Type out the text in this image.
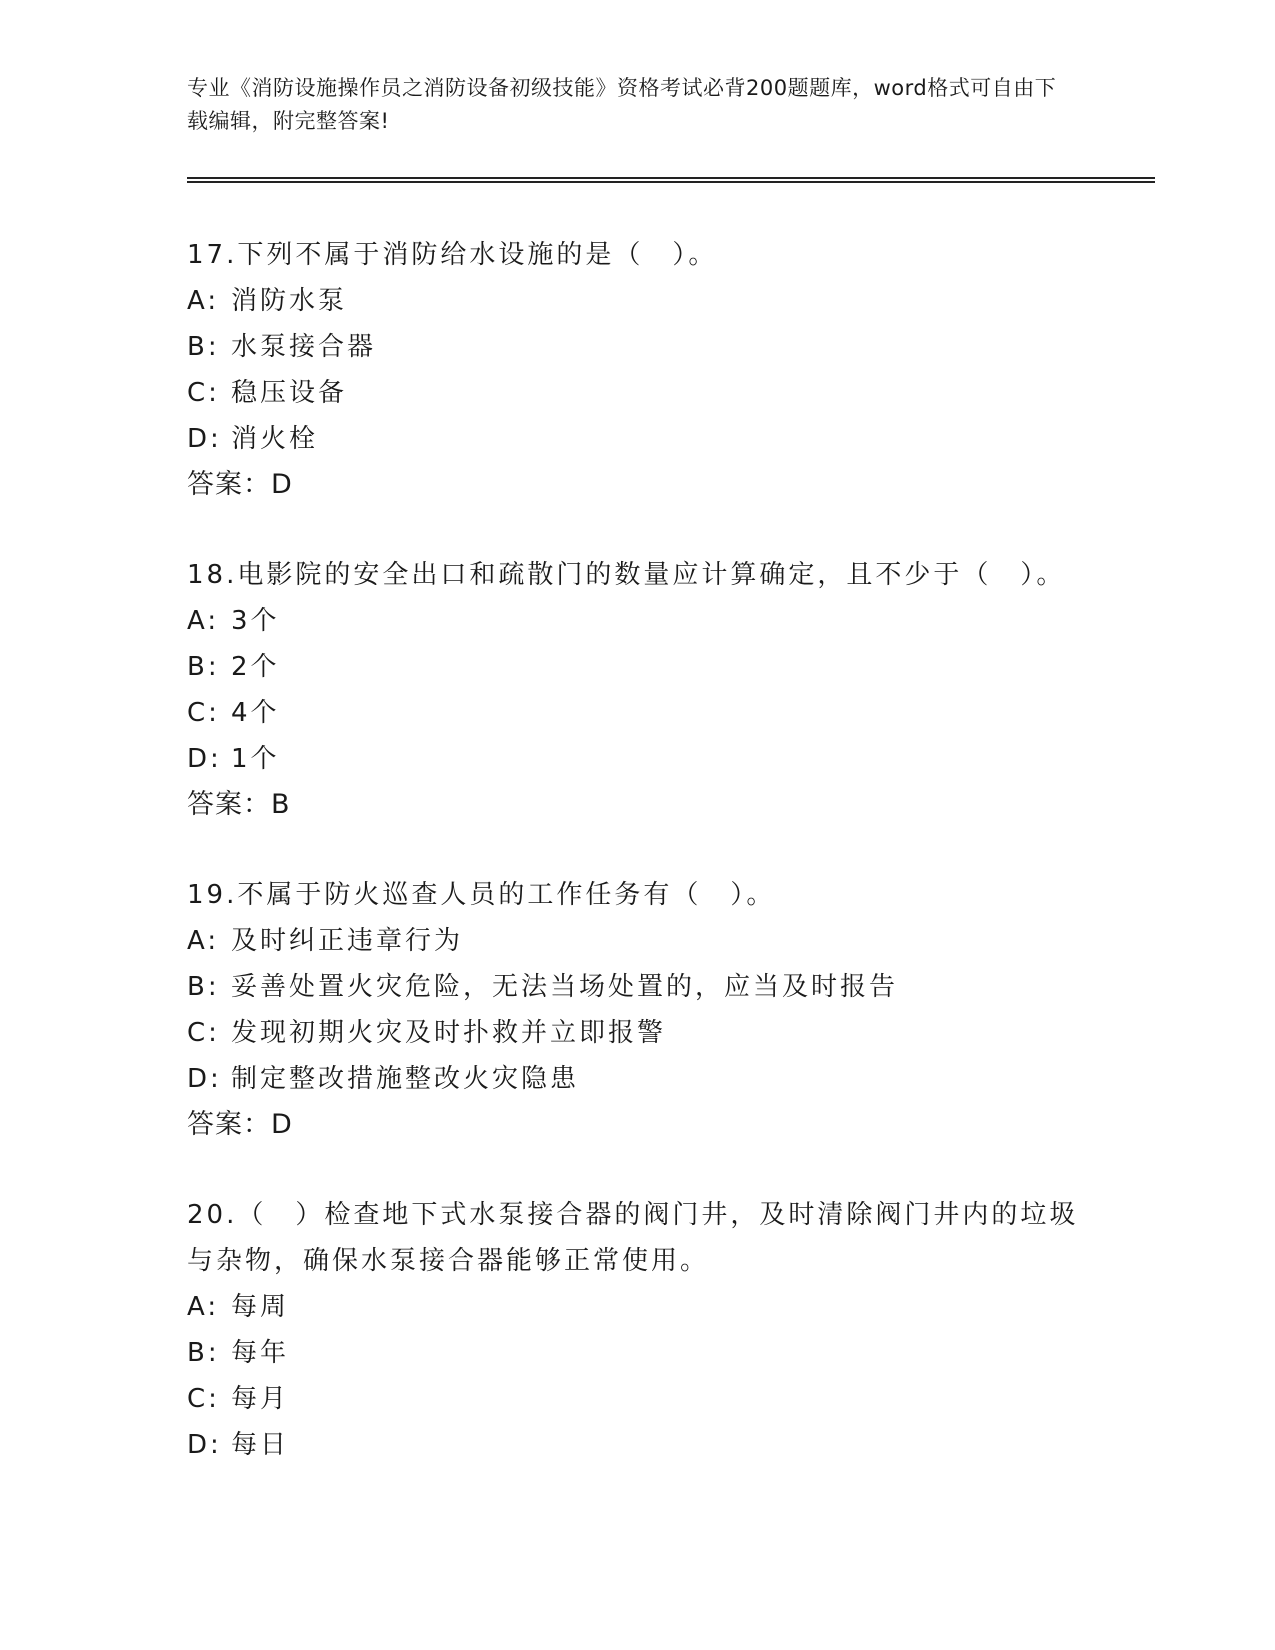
专业《消防设施操作员之消防设备初级技能》资格考试必背200题题库，word格式可自由下载编辑，附完整答案!

17.下列不属于消防给水设施的是（　）。

A: 消防水泵

B: 水泵接合器

C: 稳压设备

D: 消火栓

答案：D

18.电影院的安全出口和疏散门的数量应计算确定，且不少于（　）。

A: 3个

B: 2个

C: 4个

D: 1个

答案：B

19.不属于防火巡查人员的工作任务有（　）。

A: 及时纠正违章行为

B: 妥善处置火灾危险，无法当场处置的，应当及时报告

C: 发现初期火灾及时扑救并立即报警

D: 制定整改措施整改火灾隐患

答案：D

20.（　）检查地下式水泵接合器的阀门井，及时清除阀门井内的垃圾与杂物，确保水泵接合器能够正常使用。

A: 每周

B: 每年

C: 每月

D: 每日
